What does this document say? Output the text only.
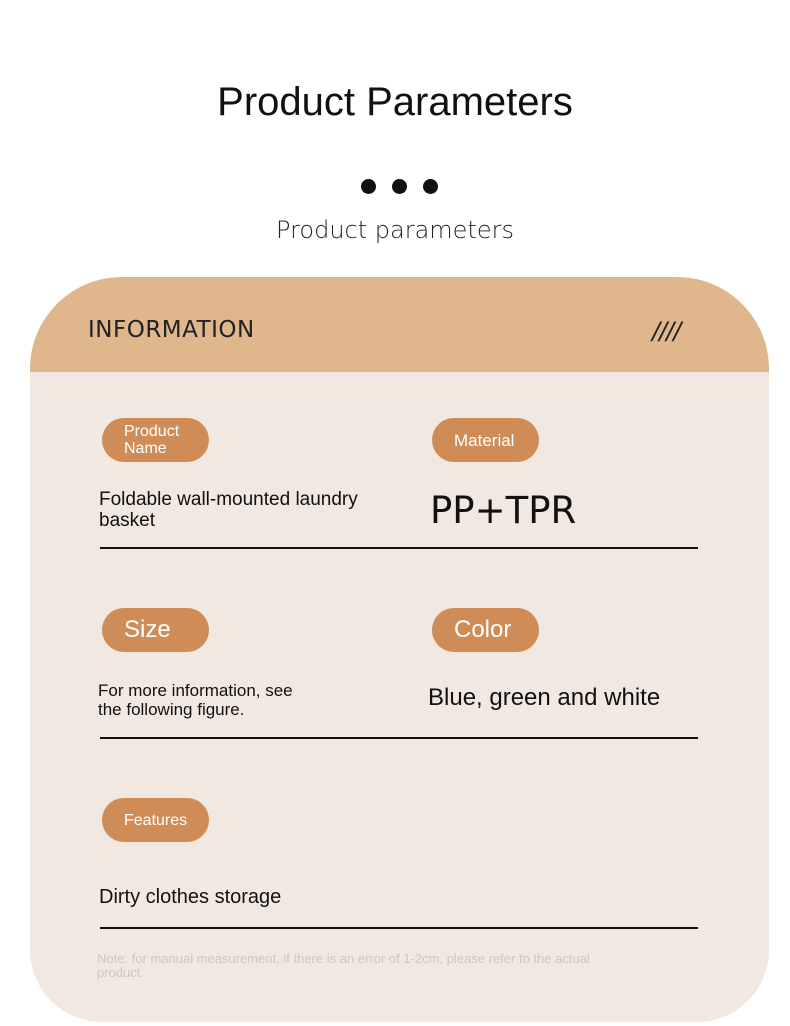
Product Parameters
Product parameters
INFORMATION	////
Product Name	Material
Foldable wall-mounted laundry basket	PP+TPR
Size	Color
For more information, see the following figure.	Blue, green and white
Features
Dirty clothes storage
Note: for manual measurement, if there is an error of 1-2cm, please refer to the actual product.
